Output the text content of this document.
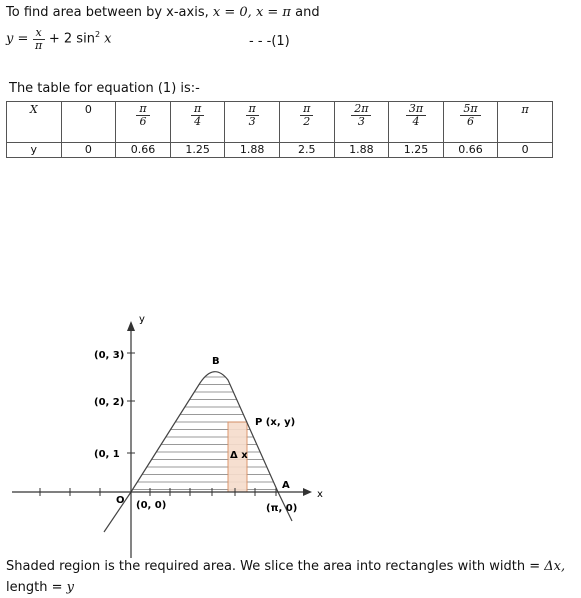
To find area between by x-axis, x = 0, x = π and
$y = \frac{x}{\pi} + 2$ $\sin^2 x$	- - -(1)
The table for equation (1) is:-
X	0	$\frac{\pi}{6}$	$\frac{\pi}{4}$	$\frac{\pi}{3}$	$\frac{\pi}{2}$	$\frac{2\pi}{3}$	$\frac{3\pi}{4}$	$\frac{5\pi}{6}$	π
y	0	0.66	1.25	1.88	2.5	1.88	1.25	0.66	0
y
x
O (0, 0)
(0, 3)
(0, 2)
(0, 1
B
P (x, y)
A
(π, 0)
Δ x
Shaded region is the required area. We slice the area into rectangles with width = Δx,
length = y
